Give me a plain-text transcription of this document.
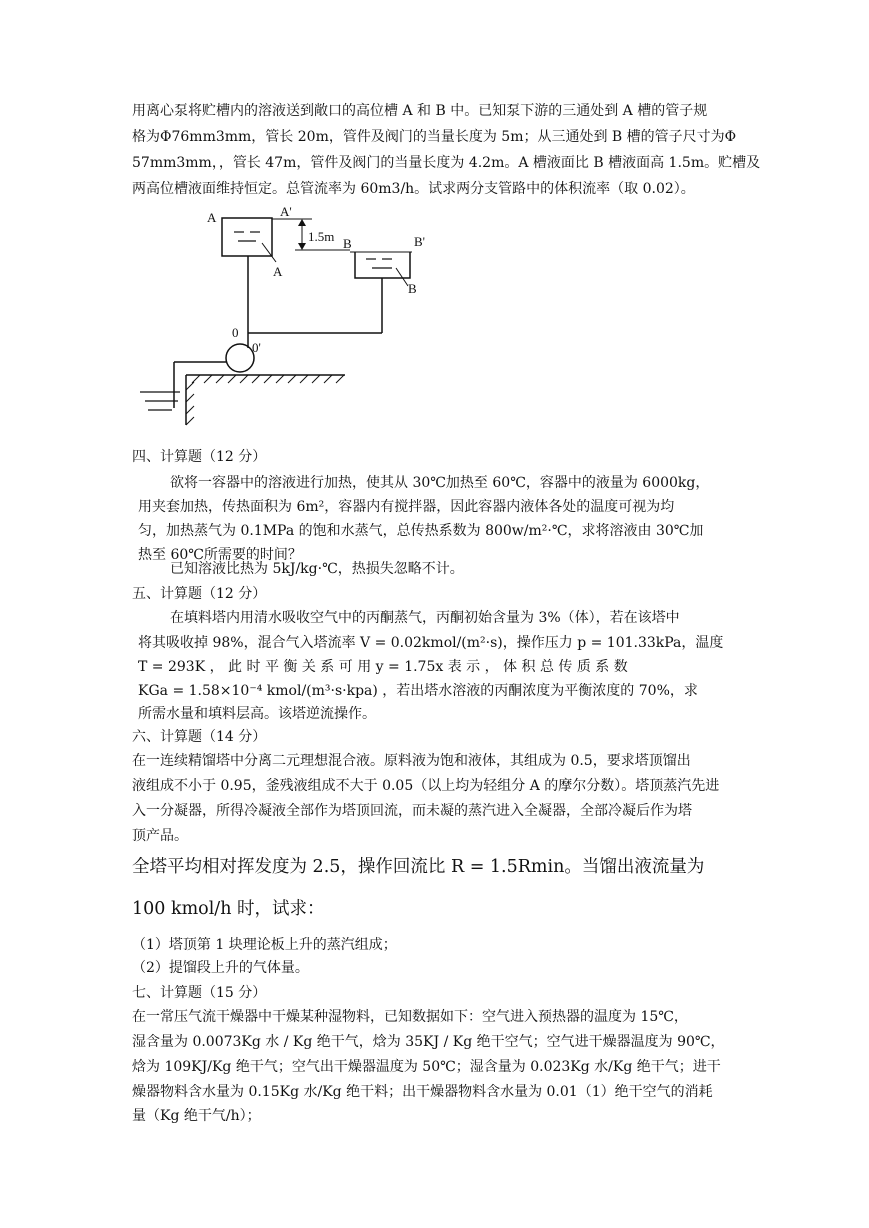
用离心泵将贮槽内的溶液送到敞口的高位槽 A 和 B 中。已知泵下游的三通处到 A 槽的管子规
格为Φ76mm3mm，管长 20m，管件及阀门的当量长度为 5m；从三通处到 B 槽的管子尺寸为Φ
57mm3mm，，管长 47m，管件及阀门的当量长度为 4.2m。A 槽液面比 B 槽液面高 1.5m。贮槽及
两高位槽液面维持恒定。总管流率为 60m3/h。试求两分支管路中的体积流率（取 0.02）。
A	A'
A
1.5m B	B'
B
0
0'
四、计算题（12 分）
欲将一容器中的溶液进行加热，使其从 30℃加热至 60℃，容器中的液量为 6000kg，
用夹套加热，传热面积为 6m²，容器内有搅拌器，因此容器内液体各处的温度可视为均
匀，加热蒸气为 0.1MPa 的饱和水蒸气，总传热系数为 800w/m²·℃，求将溶液由 30℃加
热至 60℃所需要的时间？
已知溶液比热为 5kJ/kg·℃，热损失忽略不计。
五、计算题（12 分）
在填料塔内用清水吸收空气中的丙酮蒸气，丙酮初始含量为 3%（体），若在该塔中
将其吸收掉 98%，混合气入塔流率 V = 0.02kmol/(m²·s)，操作压力 p = 101.33kPa，温度
T = 293K ， 此 时 平 衡 关 系 可 用 y = 1.75x 表 示 ， 体 积 总 传 质 系 数
KGa = 1.58×10⁻⁴ kmol/(m³·s·kpa) ，若出塔水溶液的丙酮浓度为平衡浓度的 70%，求
所需水量和填料层高。该塔逆流操作。
六、计算题（14 分）
在一连续精馏塔中分离二元理想混合液。原料液为饱和液体，其组成为 0.5，要求塔顶馏出
液组成不小于 0.95，釜残液组成不大于 0.05（以上均为轻组分 A 的摩尔分数）。塔顶蒸汽先进
入一分凝器，所得冷凝液全部作为塔顶回流，而未凝的蒸汽进入全凝器，全部冷凝后作为塔
顶产品。
全塔平均相对挥发度为 2.5，操作回流比 R = 1.5Rmin。当馏出液流量为
100 kmol/h 时，试求：
（1）塔顶第 1 块理论板上升的蒸汽组成；
（2）提馏段上升的气体量。
七、计算题（15 分）
在一常压气流干燥器中干燥某种湿物料，已知数据如下：空气进入预热器的温度为 15℃，
湿含量为 0.0073Kg 水 / Kg 绝干气，焓为 35KJ / Kg 绝干空气；空气进干燥器温度为 90℃，
焓为 109KJ/Kg 绝干气；空气出干燥器温度为 50℃；湿含量为 0.023Kg 水/Kg 绝干气；进干
燥器物料含水量为 0.15Kg 水/Kg 绝干料；出干燥器物料含水量为 0.01（1）绝干空气的消耗
量（Kg 绝干气/h）；
